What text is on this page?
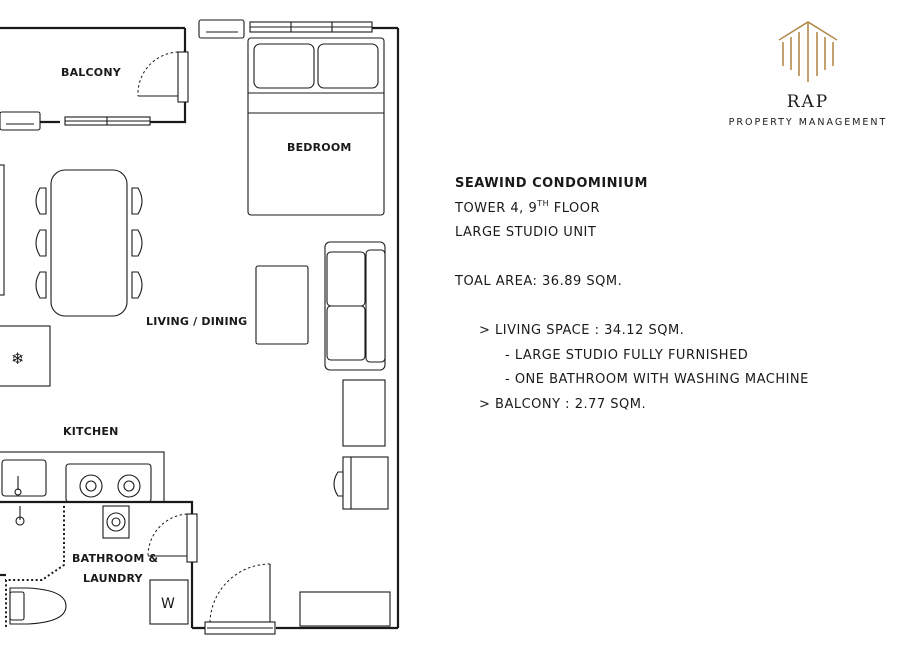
❄
W
BALCONY
BEDROOM
LIVING / DINING
KITCHEN
BATHROOM &
LAUNDRY
RAP
PROPERTY MANAGEMENT
SEAWIND CONDOMINIUM
TOWER 4, 9TH FLOOR
LARGE STUDIO UNIT
TOAL AREA: 36.89 SQM.
> LIVING SPACE : 34.12 SQM.
- LARGE STUDIO FULLY FURNISHED
- ONE BATHROOM WITH WASHING MACHINE
> BALCONY : 2.77 SQM.
